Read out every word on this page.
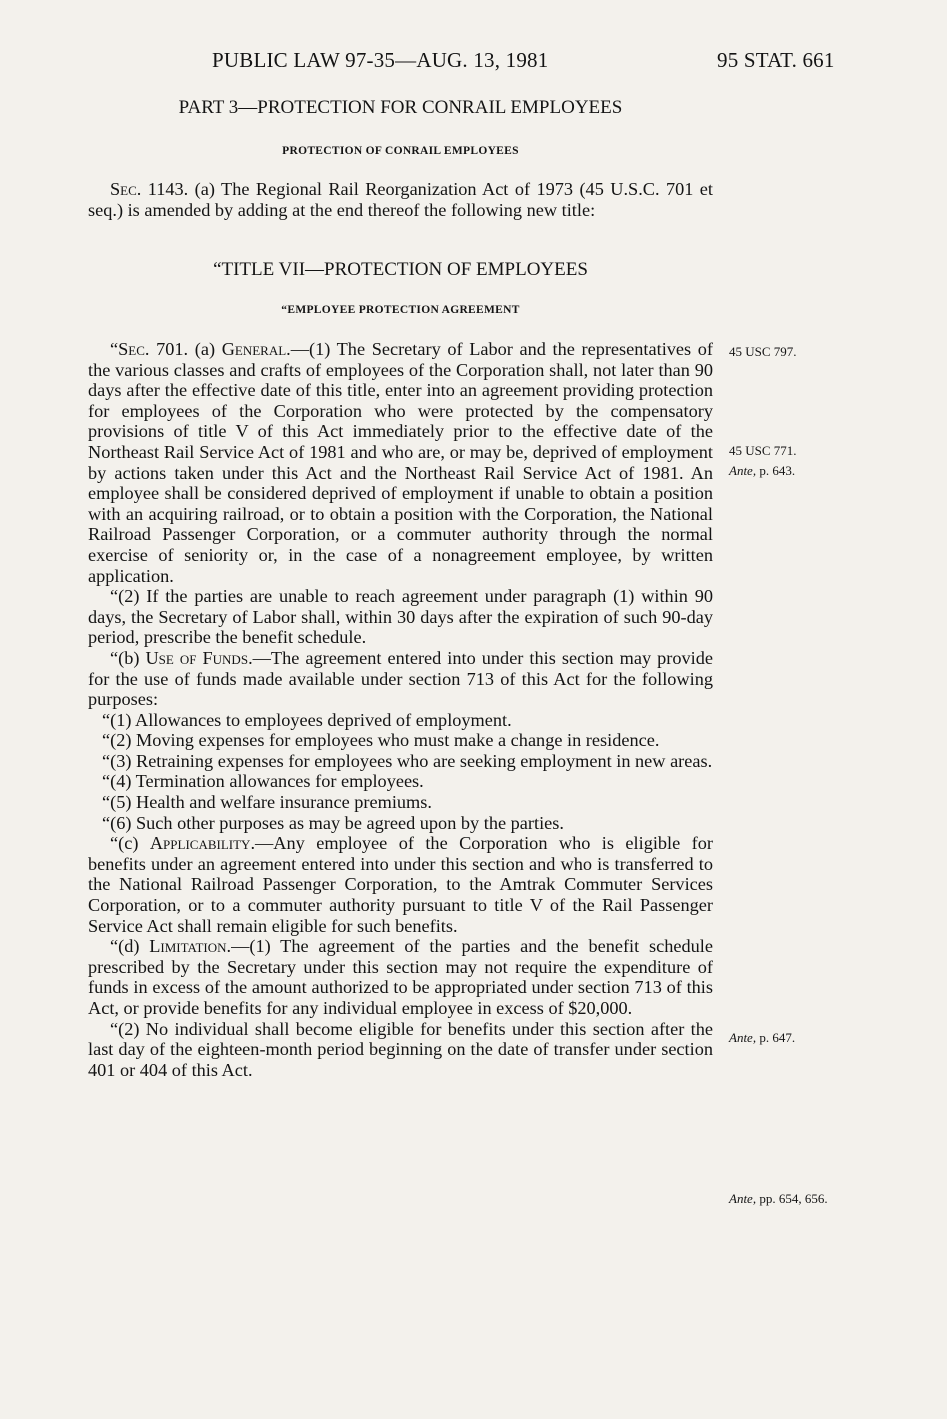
PUBLIC LAW 97-35—AUG. 13, 1981	95 STAT. 661
PART 3—PROTECTION FOR CONRAIL EMPLOYEES
PROTECTION OF CONRAIL EMPLOYEES

Sec. 1143. (a) The Regional Rail Reorganization Act of 1973 (45 U.S.C. 701 et seq.) is amended by adding at the end thereof the following new title:

“TITLE VII—PROTECTION OF EMPLOYEES
“EMPLOYEE PROTECTION AGREEMENT

“Sec. 701. (a) General.—(1) The Secretary of Labor and the representatives of the various classes and crafts of employees of the Corporation shall, not later than 90 days after the effective date of this title, enter into an agreement providing protection for employees of the Corporation who were protected by the compensatory provisions of title V of this Act immediately prior to the effective date of the Northeast Rail Service Act of 1981 and who are, or may be, deprived of employment by actions taken under this Act and the Northeast Rail Service Act of 1981. An employee shall be considered deprived of employment if unable to obtain a position with an acquiring railroad, or to obtain a position with the Corporation, the National Railroad Passenger Corporation, or a commuter authority through the normal exercise of seniority or, in the case of a nonagreement employee, by written application.

“(2) If the parties are unable to reach agreement under paragraph (1) within 90 days, the Secretary of Labor shall, within 30 days after the expiration of such 90-day period, prescribe the benefit schedule.

“(b) Use of Funds.—The agreement entered into under this section may provide for the use of funds made available under section 713 of this Act for the following purposes:

“(1) Allowances to employees deprived of employment.

“(2) Moving expenses for employees who must make a change in residence.

“(3) Retraining expenses for employees who are seeking employment in new areas.

“(4) Termination allowances for employees.

“(5) Health and welfare insurance premiums.

“(6) Such other purposes as may be agreed upon by the parties.

“(c) Applicability.—Any employee of the Corporation who is eligible for benefits under an agreement entered into under this section and who is transferred to the National Railroad Passenger Corporation, to the Amtrak Commuter Services Corporation, or to a commuter authority pursuant to title V of the Rail Passenger Service Act shall remain eligible for such benefits.

“(d) Limitation.—(1) The agreement of the parties and the benefit schedule prescribed by the Secretary under this section may not require the expenditure of funds in excess of the amount authorized to be appropriated under section 713 of this Act, or provide benefits for any individual employee in excess of $20,000.

“(2) No individual shall become eligible for benefits under this section after the last day of the eighteen-month period beginning on the date of transfer under section 401 or 404 of this Act.

45 USC 797.
45 USC 771.
Ante, p. 643.
Ante, p. 647.
Ante, pp. 654, 656.
